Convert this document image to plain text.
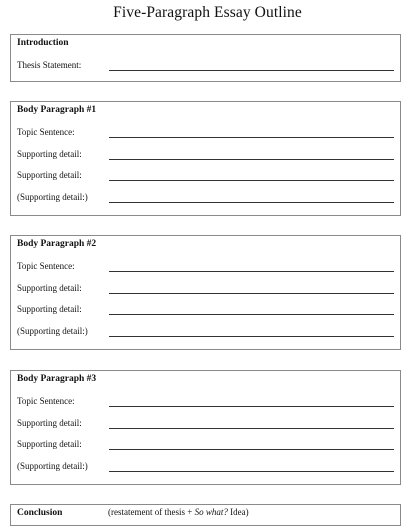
Five-Paragraph Essay Outline
Introduction
Thesis Statement:
Body Paragraph #1
Topic Sentence:
Supporting detail:
Supporting detail:
(Supporting detail:)
Body Paragraph #2
Topic Sentence:
Supporting detail:
Supporting detail:
(Supporting detail:)
Body Paragraph #3
Topic Sentence:
Supporting detail:
Supporting detail:
(Supporting detail:)
Conclusion	(restatement of thesis + So what? Idea)
